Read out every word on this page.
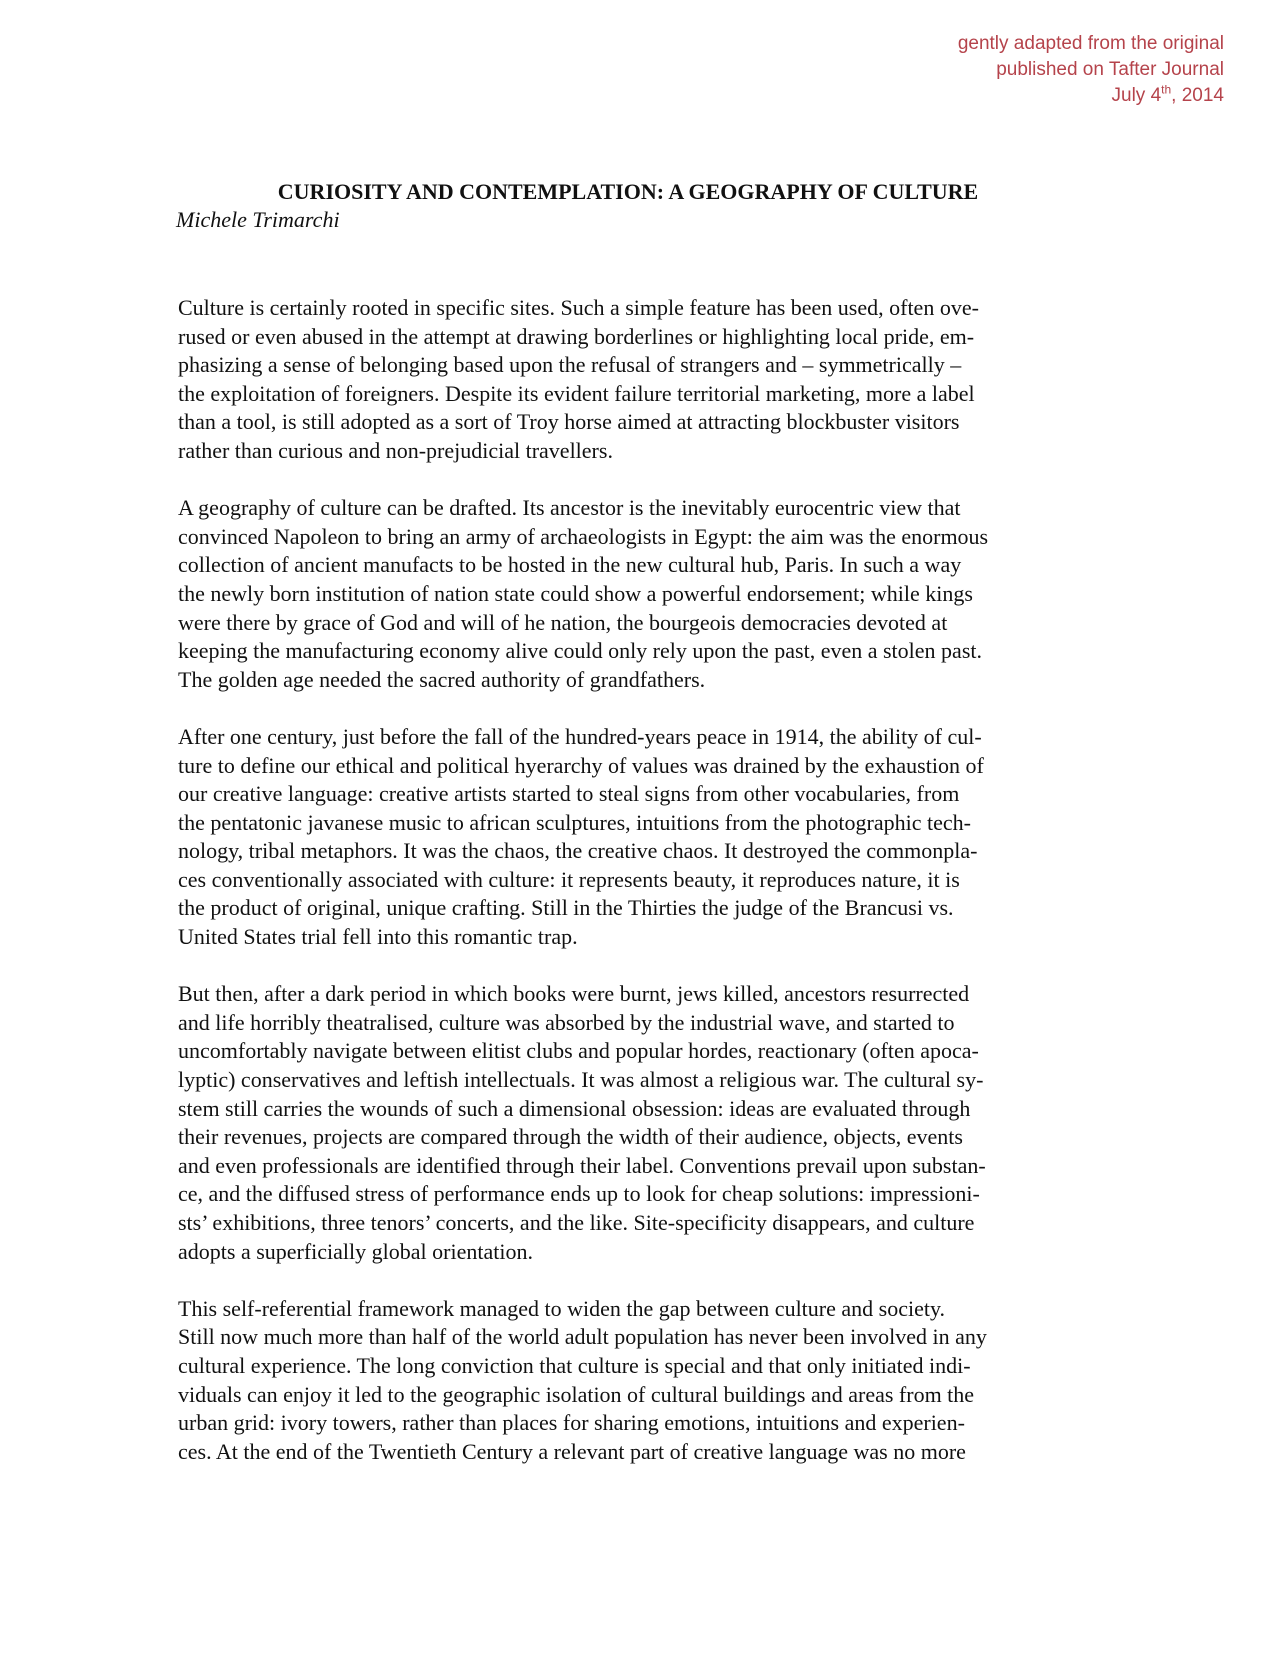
gently adapted from the original
published on Tafter Journal
July 4th, 2014
CURIOSITY AND CONTEMPLATION: A GEOGRAPHY OF CULTURE

Michele Trimarchi

Culture is certainly rooted in specific sites. Such a simple feature has been used, often ove-
rused or even abused in the attempt at drawing borderlines or highlighting local pride, em-
phasizing a sense of belonging based upon the refusal of strangers and – symmetrically –
the exploitation of foreigners. Despite its evident failure territorial marketing, more a label
than a tool, is still adopted as a sort of Troy horse aimed at attracting blockbuster visitors
rather than curious and non-prejudicial travellers.

A geography of culture can be drafted. Its ancestor is the inevitably eurocentric view that
convinced Napoleon to bring an army of archaeologists in Egypt: the aim was the enormous
collection of ancient manufacts to be hosted in the new cultural hub, Paris. In such a way
the newly born institution of nation state could show a powerful endorsement; while kings
were there by grace of God and will of he nation, the bourgeois democracies devoted at
keeping the manufacturing economy alive could only rely upon the past, even a stolen past.
The golden age needed the sacred authority of grandfathers.

After one century, just before the fall of the hundred-years peace in 1914, the ability of cul-
ture to define our ethical and political hyerarchy of values was drained by the exhaustion of
our creative language: creative artists started to steal signs from other vocabularies, from
the pentatonic javanese music to african sculptures, intuitions from the photographic tech-
nology, tribal metaphors. It was the chaos, the creative chaos. It destroyed the commonpla-
ces conventionally associated with culture: it represents beauty, it reproduces nature, it is
the product of original, unique crafting. Still in the Thirties the judge of the Brancusi vs.
United States trial fell into this romantic trap.

But then, after a dark period in which books were burnt, jews killed, ancestors resurrected
and life horribly theatralised, culture was absorbed by the industrial wave, and started to
uncomfortably navigate between elitist clubs and popular hordes, reactionary (often apoca-
lyptic) conservatives and leftish intellectuals. It was almost a religious war. The cultural sy-
stem still carries the wounds of such a dimensional obsession: ideas are evaluated through
their revenues, projects are compared through the width of their audience, objects, events
and even professionals are identified through their label. Conventions prevail upon substan-
ce, and the diffused stress of performance ends up to look for cheap solutions: impressioni-
sts’ exhibitions, three tenors’ concerts, and the like. Site-specificity disappears, and culture
adopts a superficially global orientation.

This self-referential framework managed to widen the gap between culture and society.
Still now much more than half of the world adult population has never been involved in any
cultural experience. The long conviction that culture is special and that only initiated indi-
viduals can enjoy it led to the geographic isolation of cultural buildings and areas from the
urban grid: ivory towers, rather than places for sharing emotions, intuitions and experien-
ces. At the end of the Twentieth Century a relevant part of creative language was no more
